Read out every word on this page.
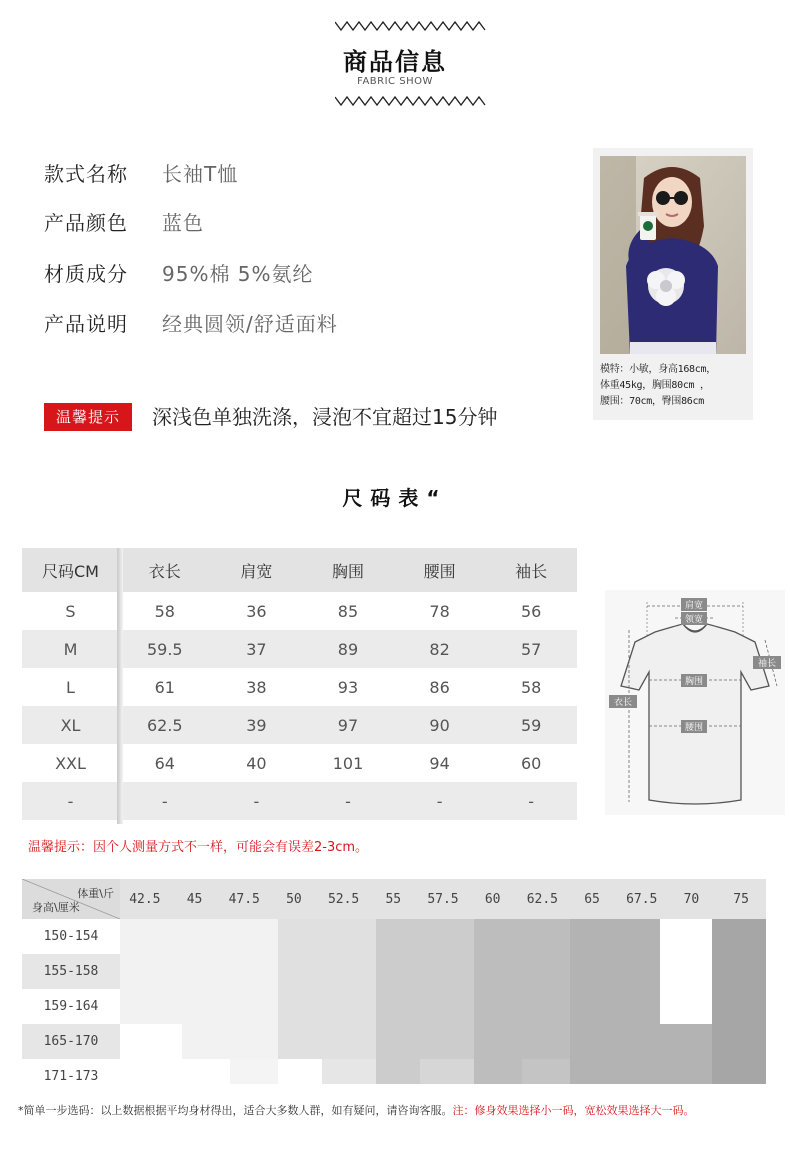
商品信息
FABRIC SHOW
款式名称 长袖T恤
产品颜色 蓝色
材质成分 95%棉 5%氨纶
产品说明 经典圆领/舒适面料
模特：小敏，身高168cm，
体重45kg，胸围80cm ，
腰围：70cm，臀围86cm
温馨提示	深浅色单独洗涤，浸泡不宜超过15分钟
尺码表“
尺码CM	衣长	肩宽	胸围	腰围	袖长
S	58	36	85	78	56
M	59.5	37	89	82	57
L	61	38	93	86	58
XL	62.5	39	97	90	59
XXL	64	40	101	94	60
-	-	-	-	-	-
肩宽
领宽
袖长
胸围
衣长
腰围
温馨提示：因个人测量方式不一样，可能会有误差2-3cm。
体重\斤
身高\厘米
42.5	45	47.5	50	52.5	55	57.5	60	62.5	65	67.5	70	75
150-154
155-158
159-164
165-170
171-173
*简单一步选码：以上数据根据平均身材得出，适合大多数人群，如有疑问，请咨询客服。注：修身效果选择小一码，宽松效果选择大一码。
